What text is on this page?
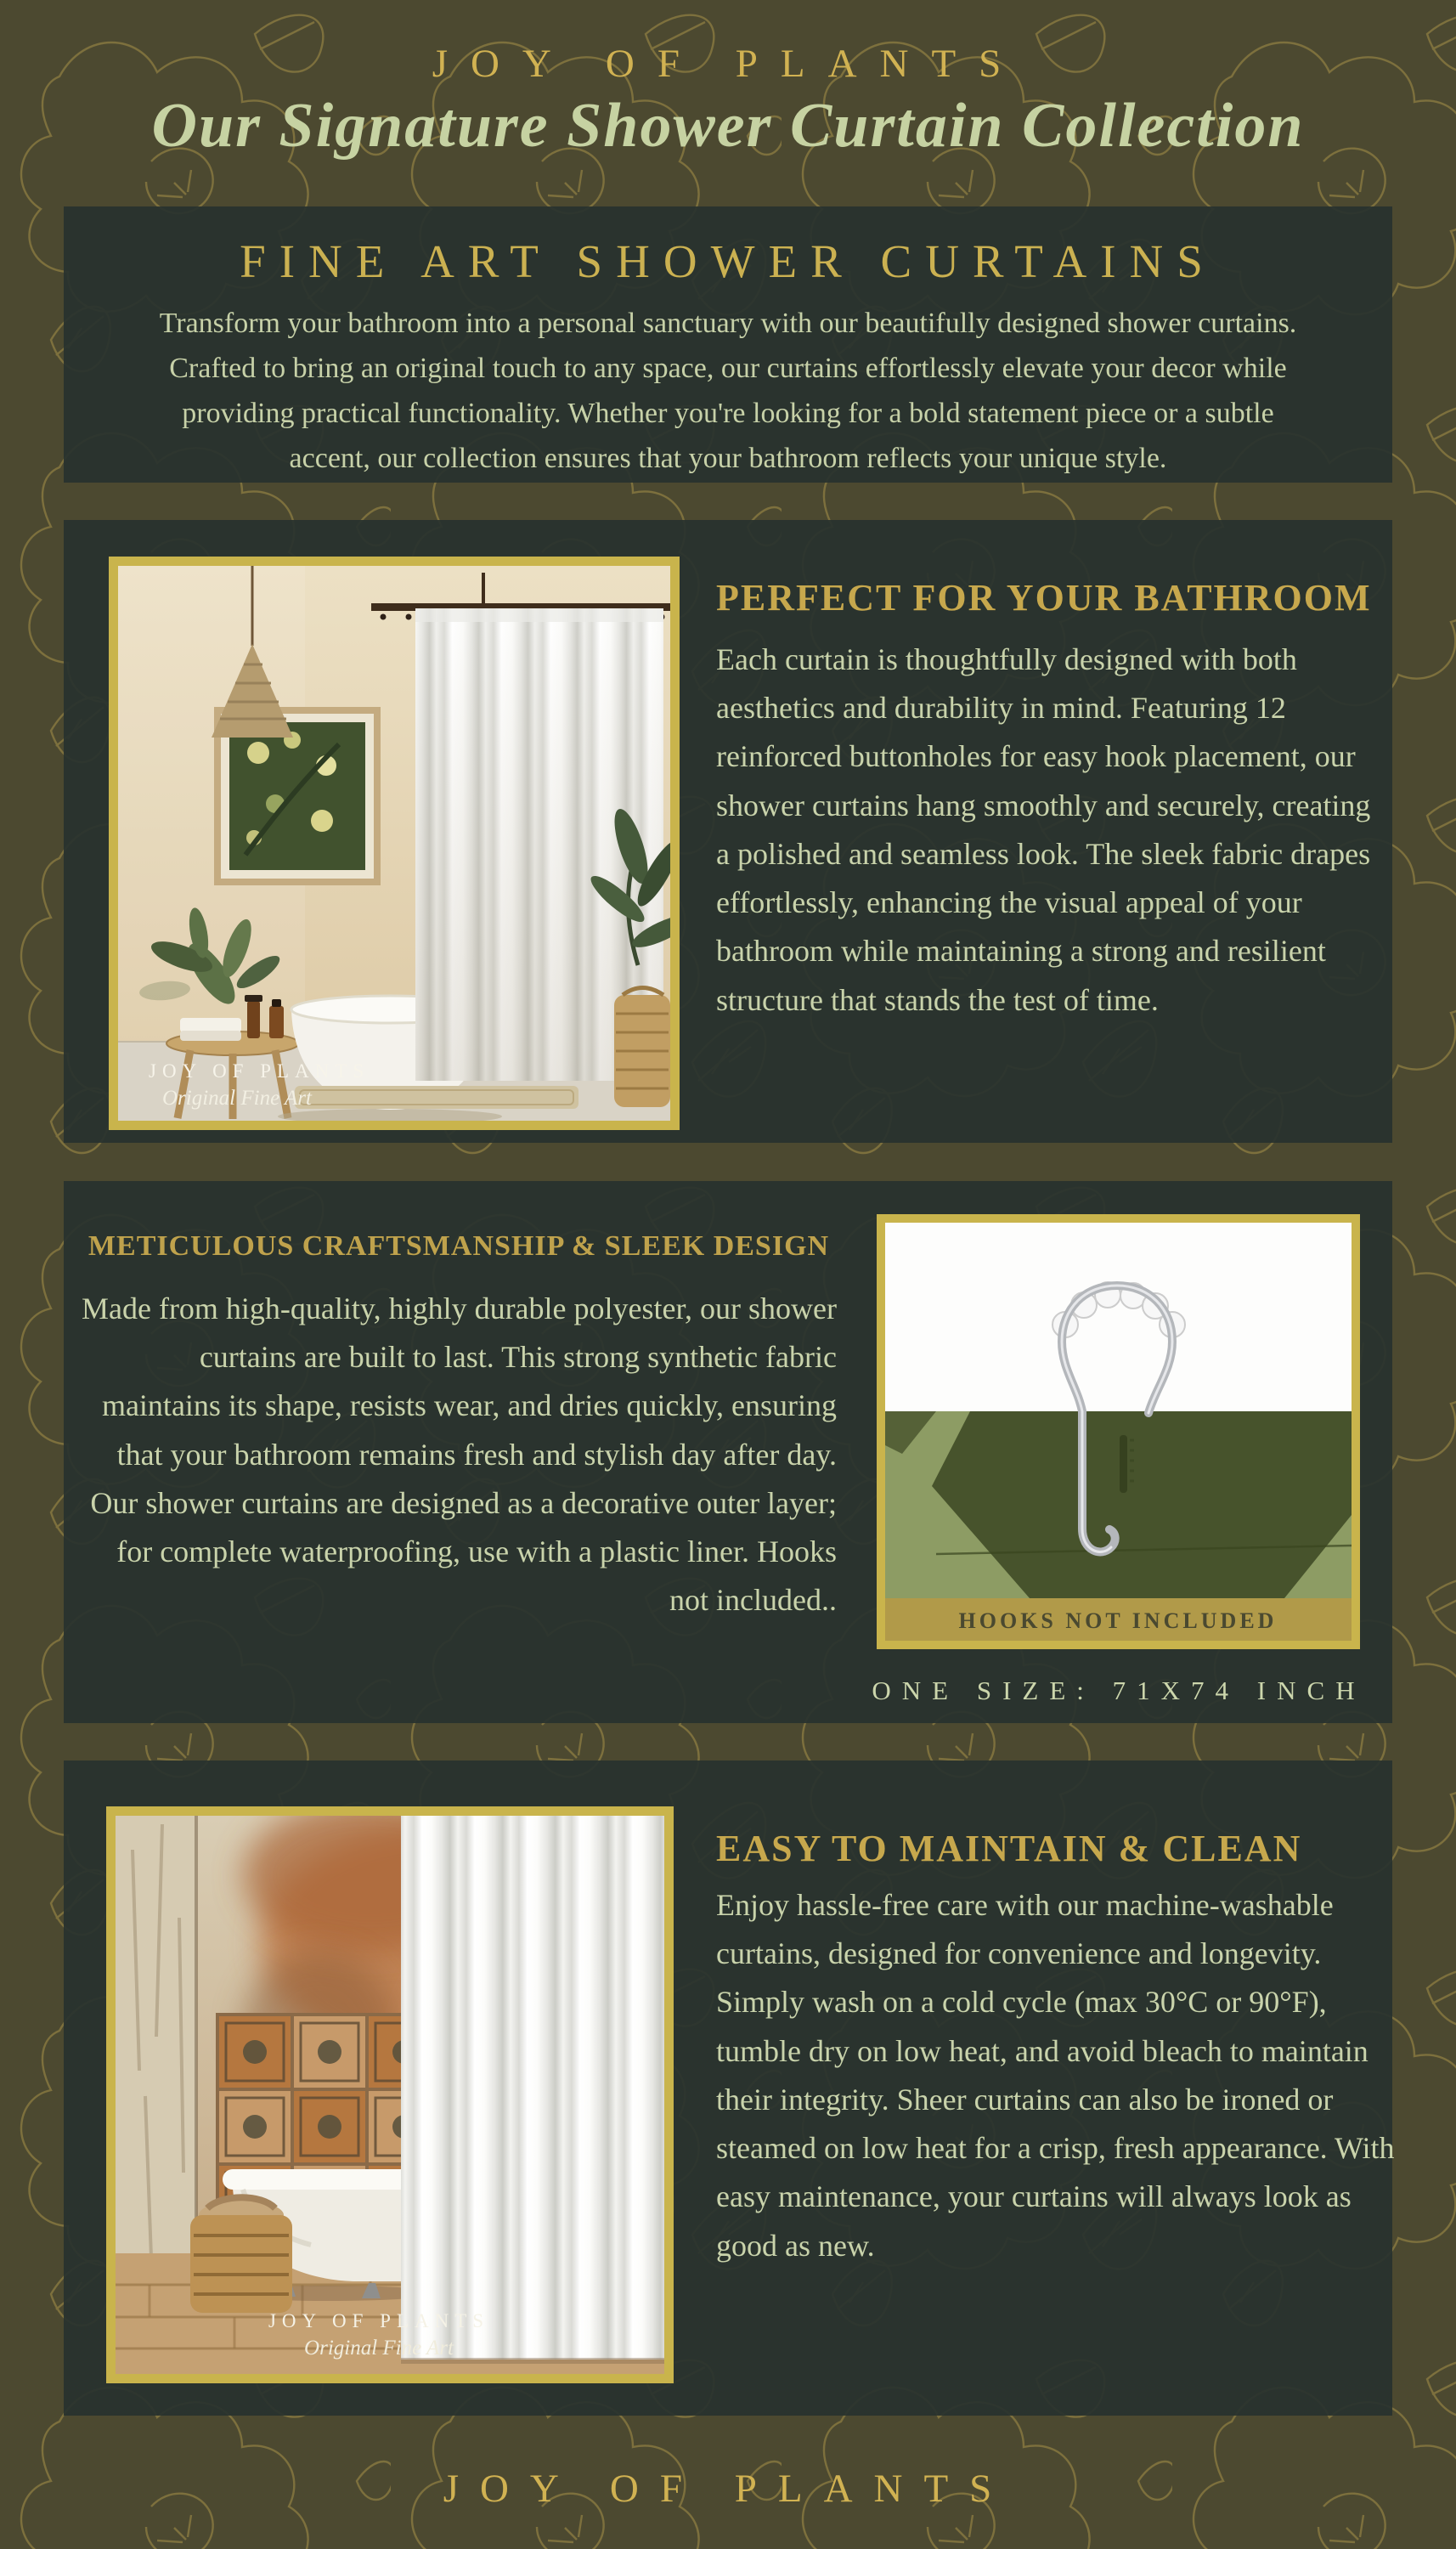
JOY OF PLANTS
Our Signature Shower Curtain Collection
FINE ART SHOWER CURTAINS

Transform your bathroom into a personal sanctuary with our beautifully designed shower curtains. Crafted to bring an original touch to any space, our curtains effortlessly elevate your decor while providing practical functionality. Whether you're looking for a bold statement piece or a subtle accent, our collection ensures that your bathroom reflects your unique style.

JOY OF PLANTS
Original Fine Art
PERFECT FOR YOUR BATHROOM

Each curtain is thoughtfully designed with both aesthetics and durability in mind. Featuring 12 reinforced buttonholes for easy hook placement, our shower curtains hang smoothly and securely, creating a polished and seamless look. The sleek fabric drapes effortlessly, enhancing the visual appeal of your bathroom while maintaining a strong and resilient structure that stands the test of time.

METICULOUS CRAFTSMANSHIP & SLEEK DESIGN

Made from high-quality, highly durable polyester, our shower curtains are built to last. This strong synthetic fabric maintains its shape, resists wear, and dries quickly, ensuring that your bathroom remains fresh and stylish day after day. Our shower curtains are designed as a decorative outer layer; for complete waterproofing, use with a plastic liner. Hooks not included..

HOOKS NOT INCLUDED
ONE SIZE: 71X74 INCH
JOY OF PLANTS
Original Fine Art
EASY TO MAINTAIN & CLEAN

Enjoy hassle-free care with our machine-washable curtains, designed for convenience and longevity. Simply wash on a cold cycle (max 30°C or 90°F), tumble dry on low heat, and avoid bleach to maintain their integrity. Sheer curtains can also be ironed or steamed on low heat for a crisp, fresh appearance. With easy maintenance, your curtains will always look as good as new.

JOY OF PLANTS
